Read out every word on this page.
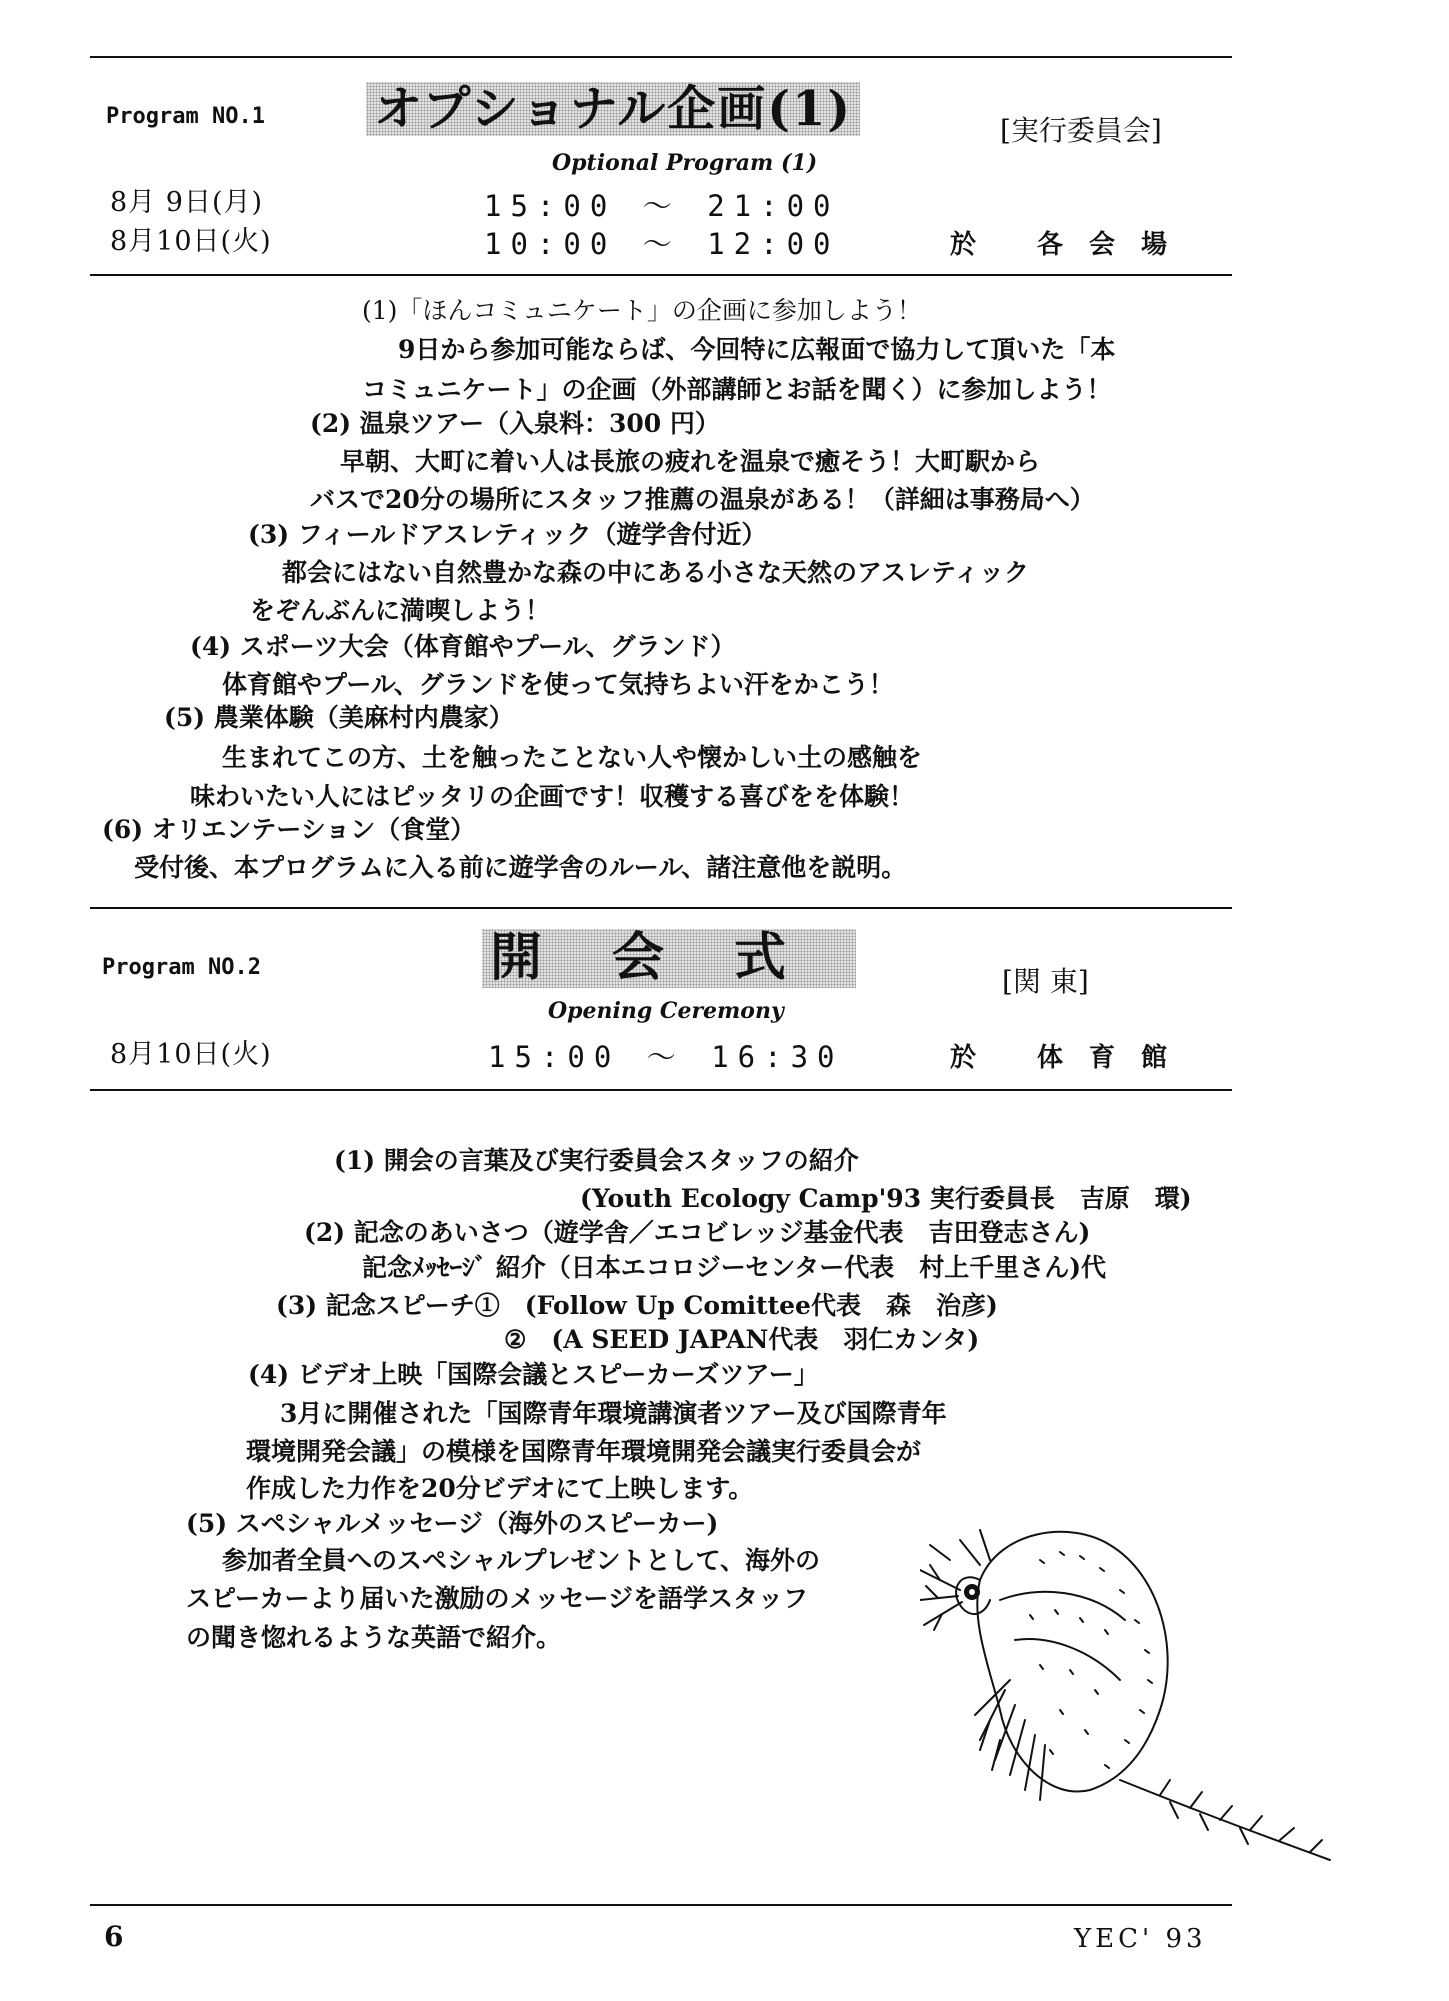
Program NO.1 オプショナル企画(1)	[実行委員会]
Optional Program (1)
8月 9日(月)	15:00 ～ 21:00
8月10日(火)	10:00 ～ 12:00	於 各会場
(1)「ほんコミュニケート」の企画に参加しよう！
9日から参加可能ならば、今回特に広報面で協力して頂いた「本
コミュニケート」の企画（外部講師とお話を聞く）に参加しよう！
(2) 温泉ツアー（入泉料：300 円）
早朝、大町に着い人は長旅の疲れを温泉で癒そう！大町駅から
バスで20分の場所にスタッフ推薦の温泉がある！（詳細は事務局へ）
(3) フィールドアスレティック（遊学舎付近）
都会にはない自然豊かな森の中にある小さな天然のアスレティック
をぞんぶんに満喫しよう！
(4) スポーツ大会（体育館やプール、グランド）
体育館やプール、グランドを使って気持ちよい汗をかこう！
(5) 農業体験（美麻村内農家）
生まれてこの方、土を触ったことない人や懐かしい土の感触を
味わいたい人にはピッタリの企画です！収穫する喜びをを体験！
(6) オリエンテーション（食堂）
受付後、本プログラムに入る前に遊学舎のルール、諸注意他を説明。
Program NO.2	開会式	[関 東]
Opening Ceremony
8月10日(火)	15:00 ～ 16:30	於 体育館
(1) 開会の言葉及び実行委員会スタッフの紹介
(Youth Ecology Camp'93 実行委員長　吉原　環)
(2) 記念のあいさつ（遊学舎／エコビレッジ基金代表　吉田登志さん)
記念ﾒｯｾｰｼﾞ 紹介（日本エコロジーセンター代表　村上千里さん)代
(3) 記念スピーチ①　(Follow Up Comittee代表　森　治彦)
②　(A SEED JAPAN代表　羽仁カンタ)
(4) ビデオ上映「国際会議とスピーカーズツアー」
3月に開催された「国際青年環境講演者ツアー及び国際青年
環境開発会議」の模様を国際青年環境開発会議実行委員会が
作成した力作を20分ビデオにて上映します。
(5) スペシャルメッセージ（海外のスピーカー)
参加者全員へのスペシャルプレゼントとして、海外の
スピーカーより届いた激励のメッセージを語学スタッフ
の聞き惚れるような英語で紹介。
6	YEC' 93
